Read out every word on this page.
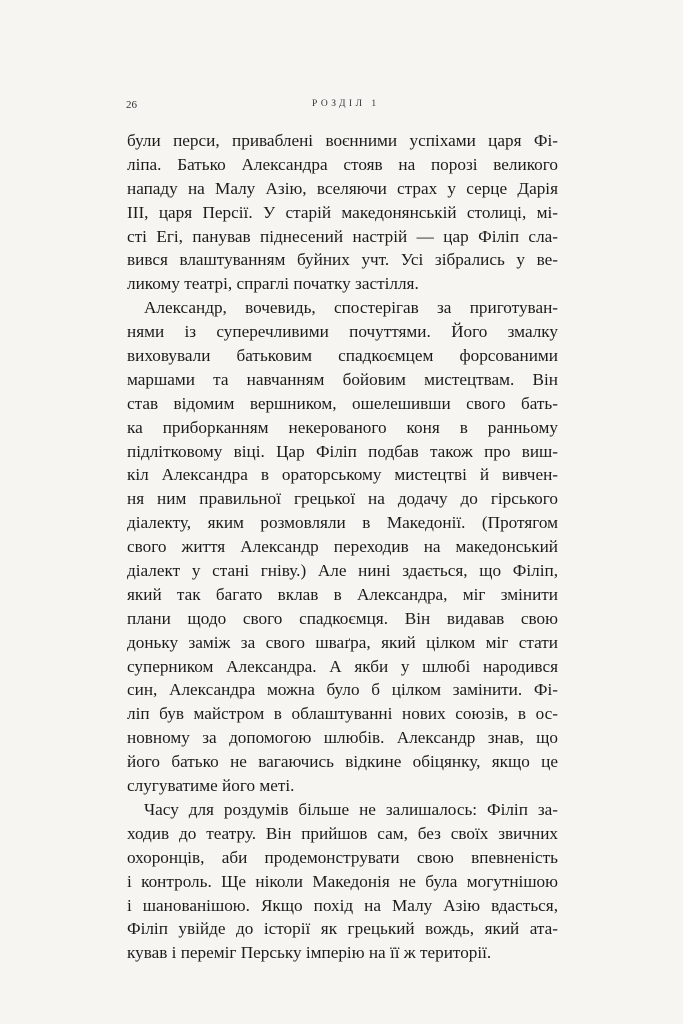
26	РОЗДІЛ 1
були перси, приваблені воєнними успіхами царя Фі-
ліпа. Батько Александра стояв на порозі великого
нападу на Малу Азію, вселяючи страх у серце Дарія
III, царя Персії. У старій македонянській столиці, мі-
сті Егі, панував піднесений настрій — цар Філіп сла-
вився влаштуванням буйних учт. Усі зібрались у ве-
ликому театрі, спраглі початку застілля.
Александр, вочевидь, спостерігав за приготуван-
нями із суперечливими почуттями. Його змалку
виховували батьковим спадкоємцем форсованими
маршами та навчанням бойовим мистецтвам. Він
став відомим вершником, ошелешивши свого бать-
ка приборканням некерованого коня в ранньому
підлітковому віці. Цар Філіп подбав також про виш-
кіл Александра в ораторському мистецтві й вивчен-
ня ним правильної грецької на додачу до гірського
діалекту, яким розмовляли в Македонії. (Протягом
свого життя Александр переходив на македонський
діалект у стані гніву.) Але нині здається, що Філіп,
який так багато вклав в Александра, міг змінити
плани щодо свого спадкоємця. Він видавав свою
доньку заміж за свого шваґра, який цілком міг стати
суперником Александра. А якби у шлюбі народився
син, Александра можна було б цілком замінити. Фі-
ліп був майстром в облаштуванні нових союзів, в ос-
новному за допомогою шлюбів. Александр знав, що
його батько не вагаючись відкине обіцянку, якщо це
слугуватиме його меті.
Часу для роздумів більше не залишалось: Філіп за-
ходив до театру. Він прийшов сам, без своїх звичних
охоронців, аби продемонструвати свою впевненість
і контроль. Ще ніколи Македонія не була могутнішою
і шанованішою. Якщо похід на Малу Азію вдасться,
Філіп увійде до історії як грецький вождь, який ата-
кував і переміг Перську імперію на її ж території.
